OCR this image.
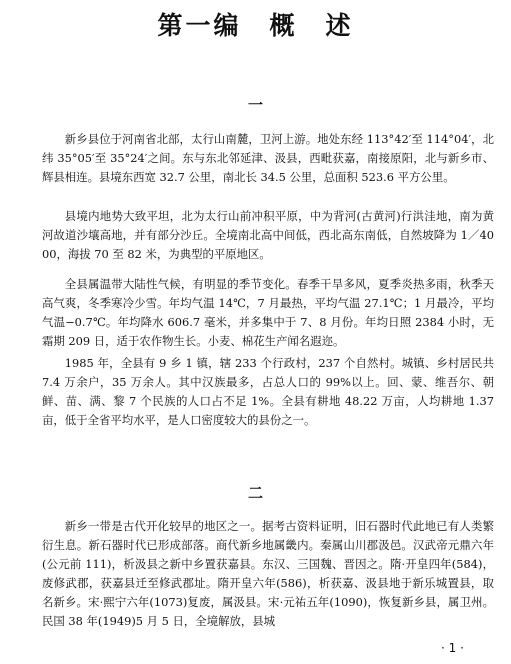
第一编　概　述
一

新乡县位于河南省北部，太行山南麓，卫河上游。地处东经 113°42′至 114°04′，北纬 35°05′至 35°24′之间。东与东北邻延津、汲县，西毗获嘉，南接原阳，北与新乡市、辉县相连。县境东西宽 32.7 公里，南北长 34.5 公里，总面积 523.6 平方公里。

县境内地势大致平坦，北为太行山前冲积平原，中为背河(古黄河)行洪洼地，南为黄河故道沙壤高地，并有部分沙丘。全境南北高中间低，西北高东南低，自然坡降为 1／4000，海拔 70 至 82 米，为典型的平原地区。

全县属温带大陆性气候，有明显的季节变化。春季干旱多风，夏季炎热多雨，秋季天高气爽，冬季寒冷少雪。年均气温 14℃，7 月最热，平均气温 27.1℃；1 月最冷，平均气温−0.7℃。年均降水 606.7 毫米，并多集中于 7、8 月份。年均日照 2384 小时，无霜期 209 日，适于农作物生长。小麦、棉花生产闻名遐迩。

1985 年，全县有 9 乡 1 镇，辖 233 个行政村，237 个自然村。城镇、乡村居民共 7.4 万余户，35 万余人。其中汉族最多，占总人口的 99%以上。回、蒙、维吾尔、朝鲜、苗、满、黎 7 个民族的人口占不足 1%。全县有耕地 48.22 万亩，人均耕地 1.37 亩，低于全省平均水平，是人口密度较大的县份之一。

二

新乡一带是古代开化较早的地区之一。据考古资料证明，旧石器时代此地已有人类繁衍生息。新石器时代已形成部落。商代新乡地属畿内。秦属山川郡汲邑。汉武帝元鼎六年(公元前 111)，析汲县之新中乡置获嘉县。东汉、三国魏、晋因之。隋·开皇四年(584)，废修武郡，获嘉县迁至修武郡址。隋开皇六年(586)，析获嘉、汲县地于新乐城置县，取名新乡。宋·熙宁六年(1073)复废，属汲县。宋·元祐五年(1090)，恢复新乡县，属卫州。民国 38 年(1949)5 月 5 日，全境解放，县城

· 1 ·
